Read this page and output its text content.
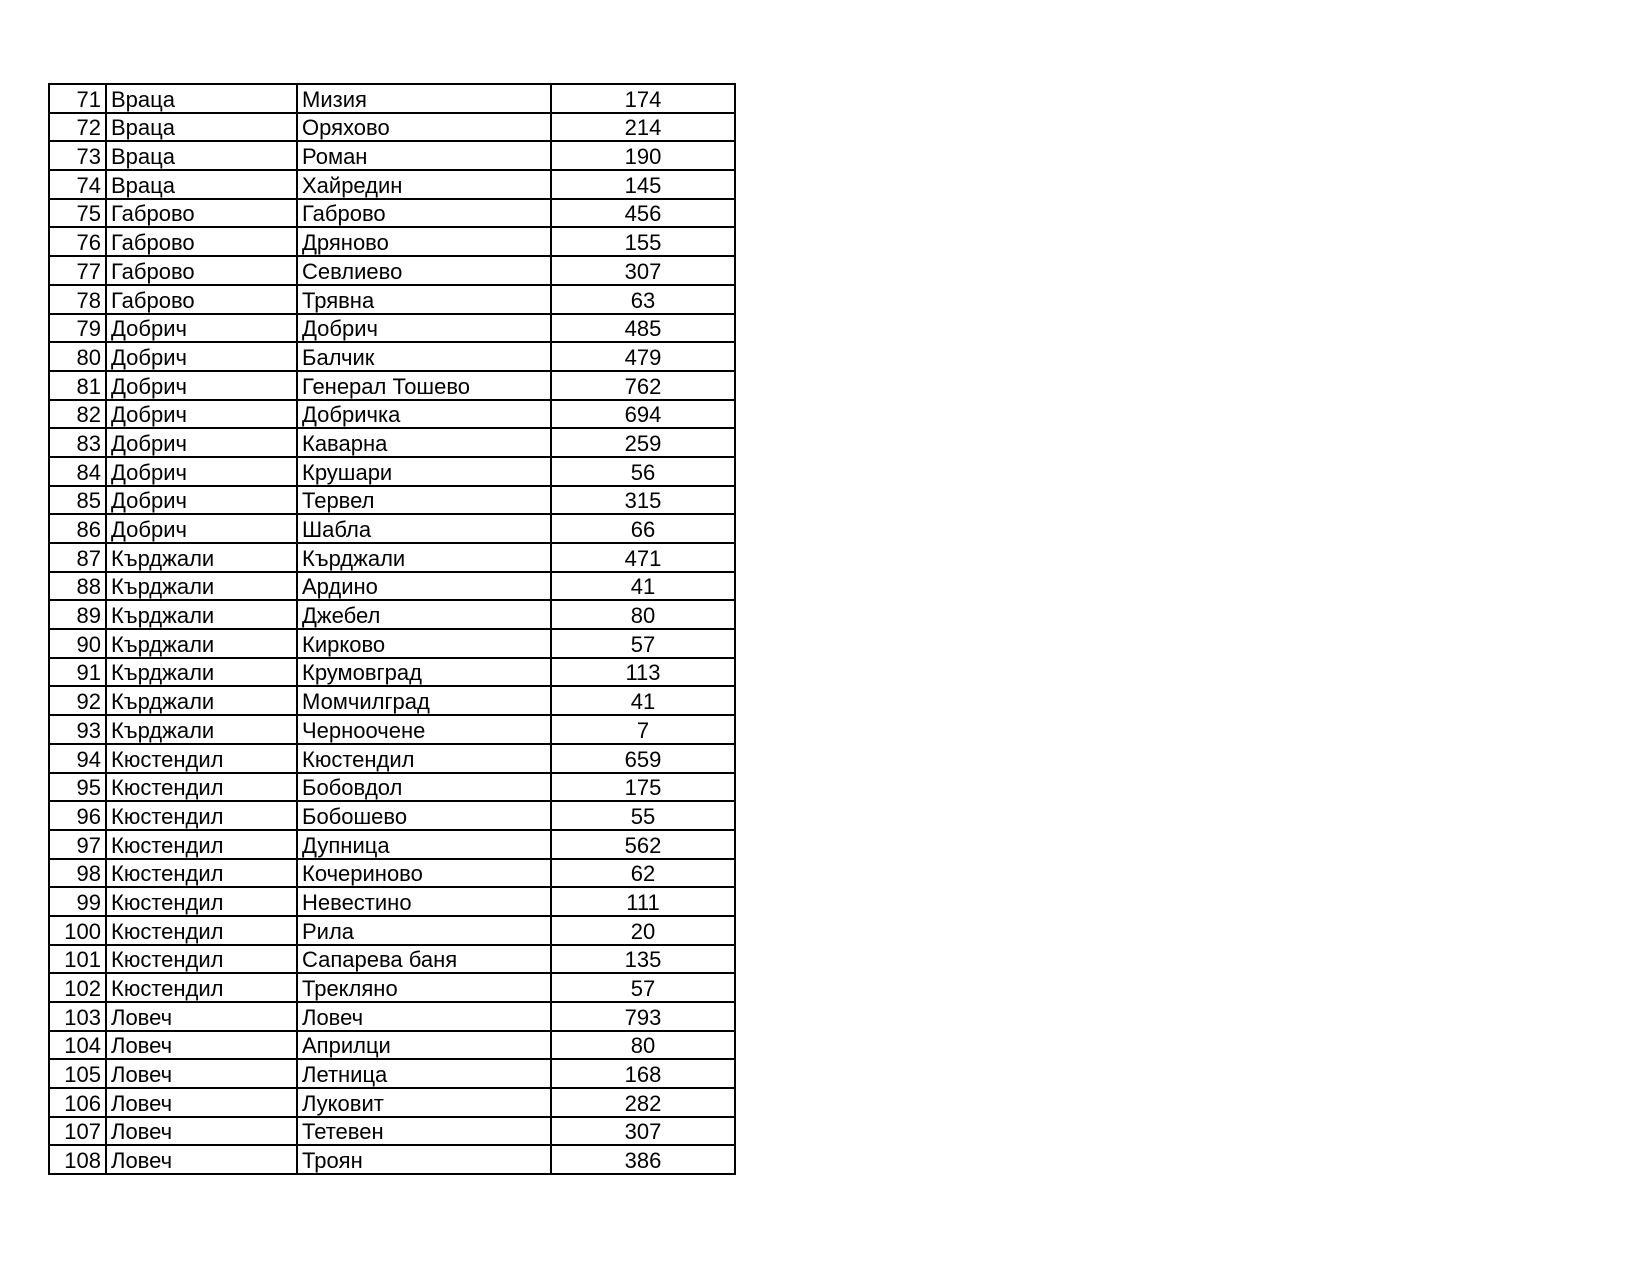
71	Враца	Мизия	174
72	Враца	Оряхово	214
73	Враца	Роман	190
74	Враца	Хайредин	145
75	Габрово	Габрово	456
76	Габрово	Дряново	155
77	Габрово	Севлиево	307
78	Габрово	Трявна	63
79	Добрич	Добрич	485
80	Добрич	Балчик	479
81	Добрич	Генерал Тошево	762
82	Добрич	Добричка	694
83	Добрич	Каварна	259
84	Добрич	Крушари	56
85	Добрич	Тервел	315
86	Добрич	Шабла	66
87	Кърджали	Кърджали	471
88	Кърджали	Ардино	41
89	Кърджали	Джебел	80
90	Кърджали	Кирково	57
91	Кърджали	Крумовград	113
92	Кърджали	Момчилград	41
93	Кърджали	Черноочене	7
94	Кюстендил	Кюстендил	659
95	Кюстендил	Бобовдол	175
96	Кюстендил	Бобошево	55
97	Кюстендил	Дупница	562
98	Кюстендил	Кочериново	62
99	Кюстендил	Невестино	111
100	Кюстендил	Рила	20
101	Кюстендил	Сапарева баня	135
102	Кюстендил	Трекляно	57
103	Ловеч	Ловеч	793
104	Ловеч	Априлци	80
105	Ловеч	Летница	168
106	Ловеч	Луковит	282
107	Ловеч	Тетевен	307
108	Ловеч	Троян	386
